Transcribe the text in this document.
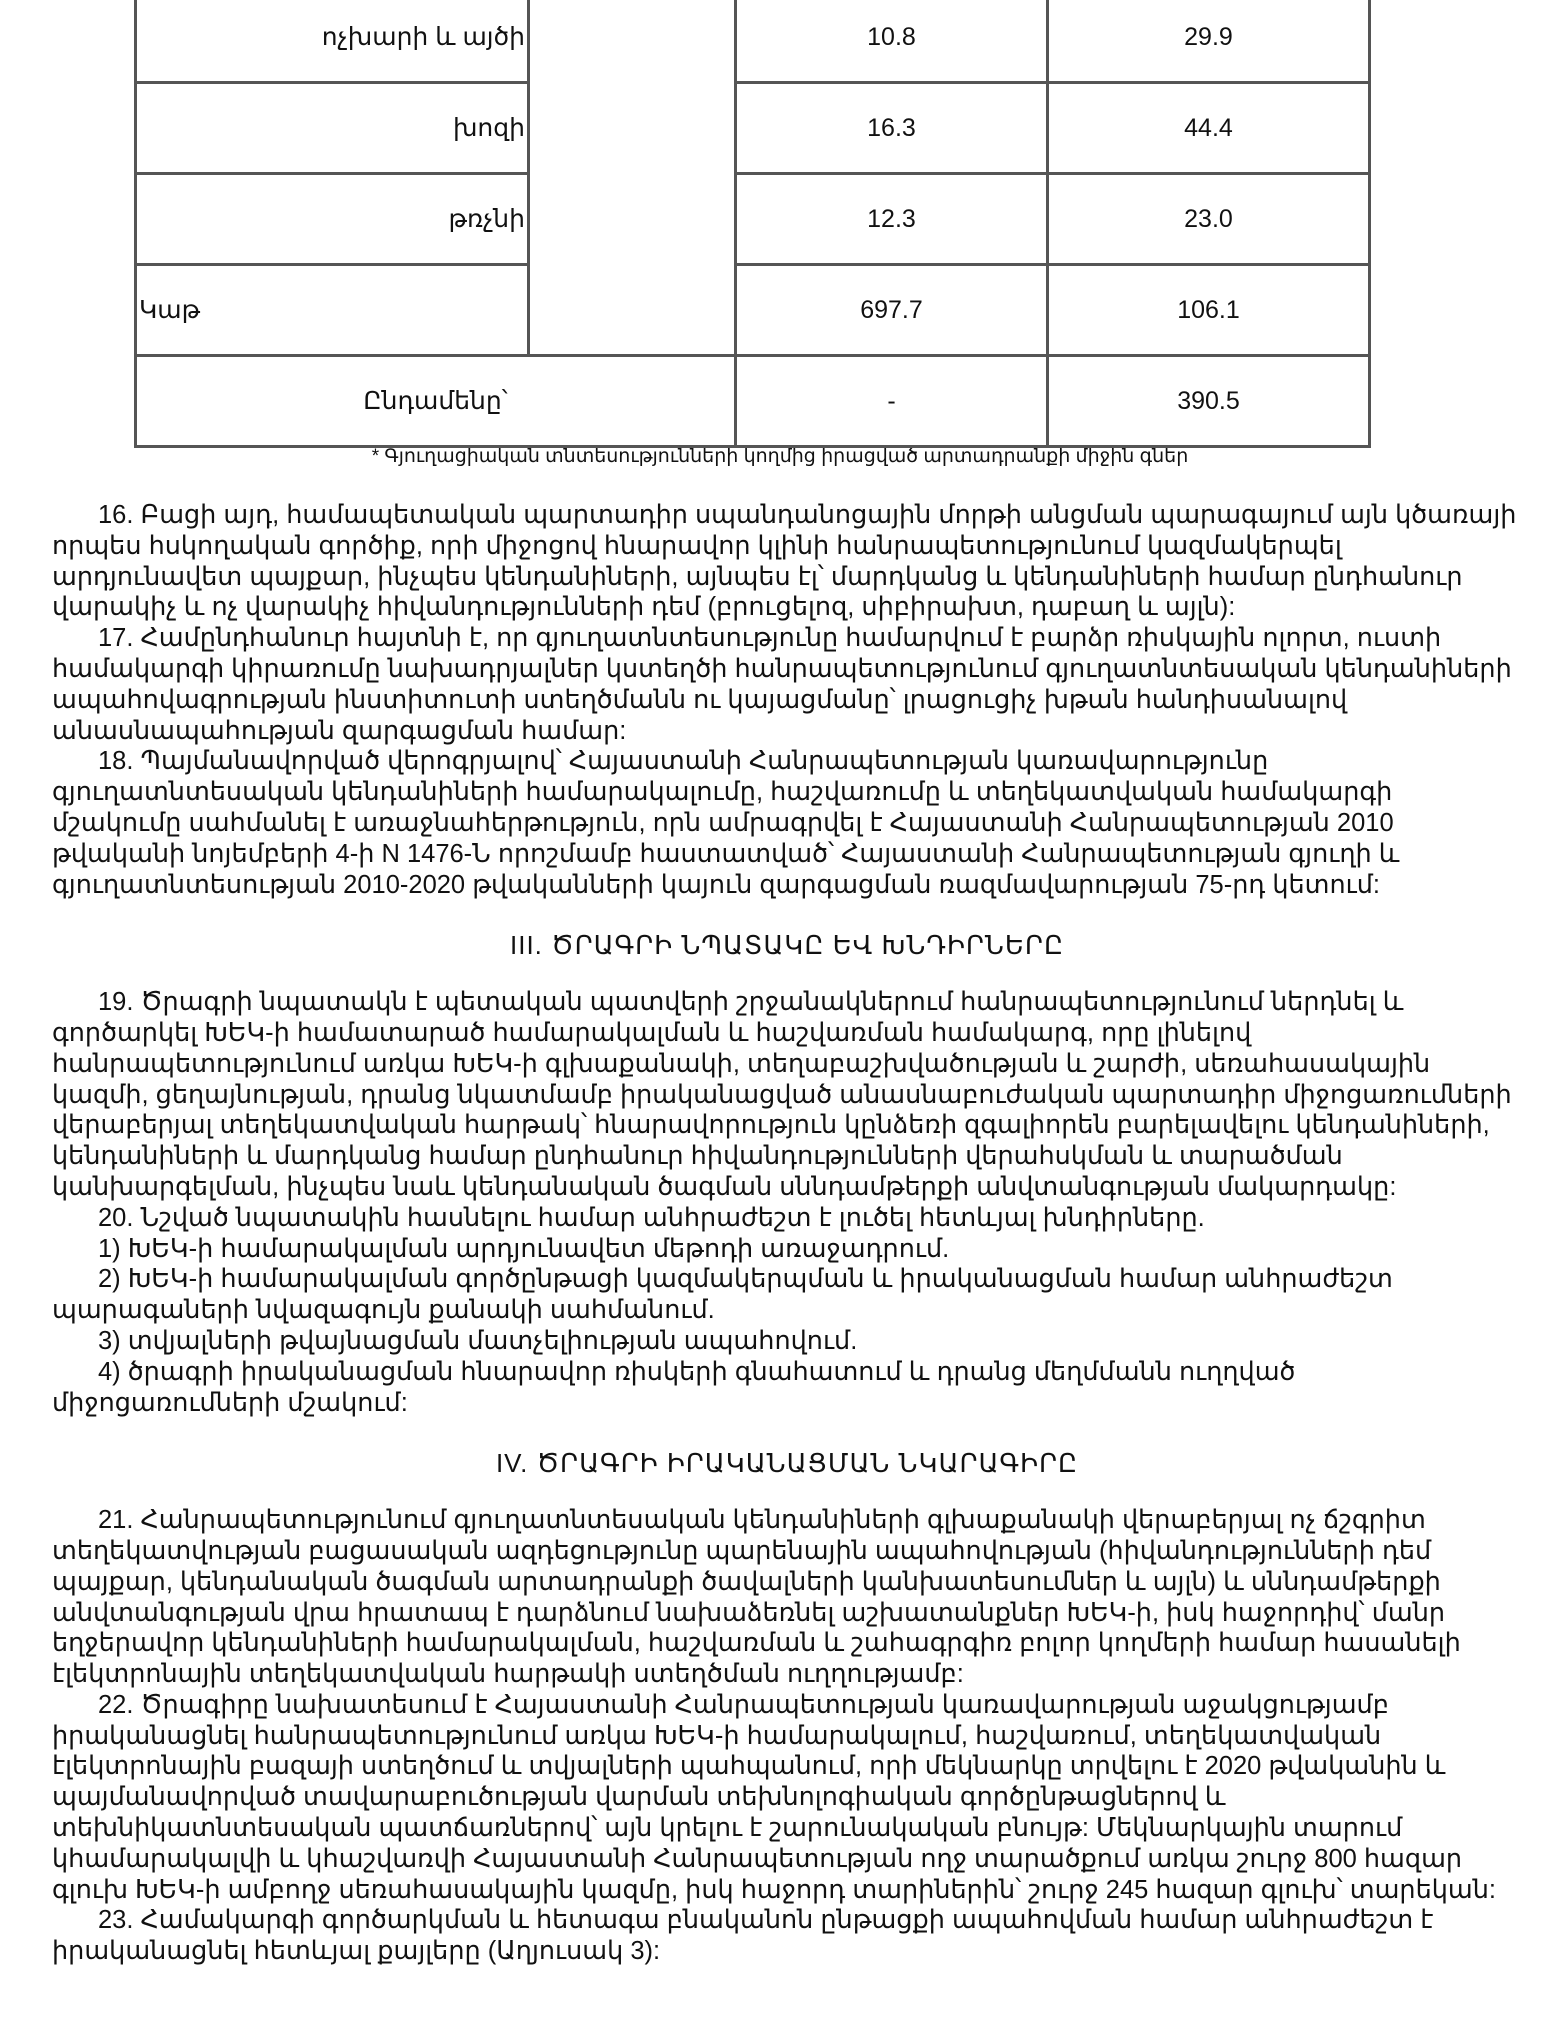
ոչխարի և այծի		10.8	29.9
խոզի		16.3	44.4
թռչնի		12.3	23.0
Կաթ		697.7	106.1
Ընդամենը՝		-	390.5
* Գյուղացիական տնտեսությունների կողմից իրացված արտադրանքի միջին գներ

16. Բացի այդ, համապետական պարտադիր սպանդանոցային մորթի անցման պարագայում այն կծառայի որպես հսկողական գործիք, որի միջոցով հնարավոր կլինի հանրապետությունում կազմակերպել արդյունավետ պայքար, ինչպես կենդանիների, այնպես էլ՝ մարդկանց և կենդանիների համար ընդհանուր վարակիչ և ոչ վարակիչ հիվանդությունների դեմ (բրուցելոզ, սիբիրախտ, դաբաղ և այլն):

17. Համընդհանուր հայտնի է, որ գյուղատնտեսությունը համարվում է բարձր ռիսկային ոլորտ, ուստի համակարգի կիրառումը նախադրյալներ կստեղծի հանրապետությունում գյուղատնտեսական կենդանիների ապահովագրության ինստիտուտի ստեղծմանն ու կայացմանը՝ լրացուցիչ խթան հանդիսանալով անասնապահության զարգացման համար:

18. Պայմանավորված վերոգրյալով՝ Հայաստանի Հանրապետության կառավարությունը գյուղատնտեսական կենդանիների համարակալումը, հաշվառումը և տեղեկատվական համակարգի մշակումը սահմանել է առաջնահերթություն, որն ամրագրվել է Հայաստանի Հանրապետության 2010 թվականի նոյեմբերի 4-ի N 1476-Ն որոշմամբ հաստատված՝ Հայաստանի Հանրապետության գյուղի և գյուղատնտեսության 2010-2020 թվականների կայուն զարգացման ռազմավարության 75-րդ կետում:

III. ԾՐԱԳՐԻ ՆՊԱՏԱԿԸ ԵՎ ԽՆԴԻՐՆԵՐԸ

19. Ծրագրի նպատակն է պետական պատվերի շրջանակներում հանրապետությունում ներդնել և գործարկել ԽԵԿ-ի համատարած համարակալման և հաշվառման համակարգ, որը լինելով հանրապետությունում առկա ԽԵԿ-ի գլխաքանակի, տեղաբաշխվածության և շարժի, սեռահասակային կազմի, ցեղայնության, դրանց նկատմամբ իրականացված անասնաբուժական պարտադիր միջոցառումների վերաբերյալ տեղեկատվական հարթակ՝ հնարավորություն կընձեռի զգալիորեն բարելավելու կենդանիների, կենդանիների և մարդկանց համար ընդհանուր հիվանդությունների վերահսկման և տարածման կանխարգելման, ինչպես նաև կենդանական ծագման սննդամթերքի անվտանգության մակարդակը:

20. Նշված նպատակին հասնելու համար անհրաժեշտ է լուծել հետևյալ խնդիրները.

1) ԽԵԿ-ի համարակալման արդյունավետ մեթոդի առաջադրում.

2) ԽԵԿ-ի համարակալման գործընթացի կազմակերպման և իրականացման համար անհրաժեշտ պարագաների նվազագույն քանակի սահմանում.

3) տվյալների թվայնացման մատչելիության ապահովում.

4) ծրագրի իրականացման հնարավոր ռիսկերի գնահատում և դրանց մեղմմանն ուղղված միջոցառումների մշակում:

IV. ԾՐԱԳՐԻ ԻՐԱԿԱՆԱՑՄԱՆ ՆԿԱՐԱԳԻՐԸ

21. Հանրապետությունում գյուղատնտեսական կենդանիների գլխաքանակի վերաբերյալ ոչ ճշգրիտ տեղեկատվության բացասական ազդեցությունը պարենային ապահովության (հիվանդությունների դեմ պայքար, կենդանական ծագման արտադրանքի ծավալների կանխատեսումներ և այլն) և սննդամթերքի անվտանգության վրա հրատապ է դարձնում նախաձեռնել աշխատանքներ ԽԵԿ-ի, իսկ հաջորդիվ՝ մանր եղջերավոր կենդանիների համարակալման, հաշվառման և շահագրգիռ բոլոր կողմերի համար հասանելի էլեկտրոնային տեղեկատվական հարթակի ստեղծման ուղղությամբ:

22. Ծրագիրը նախատեսում է Հայաստանի Հանրապետության կառավարության աջակցությամբ իրականացնել հանրապետությունում առկա ԽԵԿ-ի համարակալում, հաշվառում, տեղեկատվական էլեկտրոնային բազայի ստեղծում և տվյալների պահպանում, որի մեկնարկը տրվելու է 2020 թվականին և պայմանավորված տավարաբուծության վարման տեխնոլոգիական գործընթացներով և տեխնիկատնտեսական պատճառներով՝ այն կրելու է շարունակական բնույթ: Մեկնարկային տարում կհամարակալվի և կհաշվառվի Հայաստանի Հանրապետության ողջ տարածքում առկա շուրջ 800 հազար գլուխ ԽԵԿ-ի ամբողջ սեռահասակային կազմը, իսկ հաջորդ տարիներին՝ շուրջ 245 հազար գլուխ՝ տարեկան:

23. Համակարգի գործարկման և հետագա բնականոն ընթացքի ապահովման համար անհրաժեշտ է իրականացնել հետևյալ քայլերը (Աղյուսակ 3):
